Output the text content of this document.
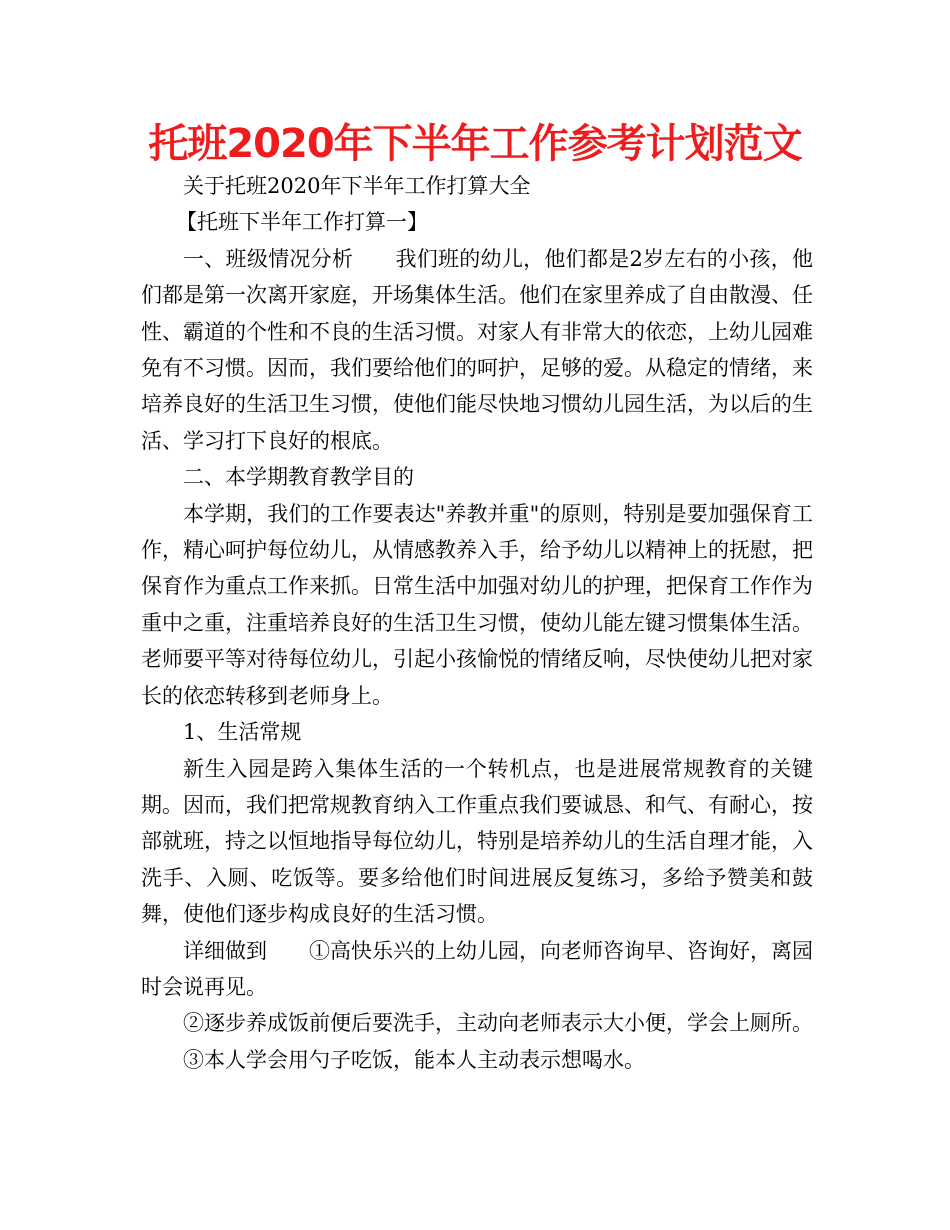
托班2020年下半年工作参考计划范文

关于托班2020年下半年工作打算大全

【托班下半年工作打算一】

一、班级情况分析 我们班的幼儿，他们都是2岁左右的小孩，他们都是第一次离开家庭，开场集体生活。他们在家里养成了自由散漫、任性、霸道的个性和不良的生活习惯。对家人有非常大的依恋，上幼儿园难免有不习惯。因而，我们要给他们的呵护，足够的爱。从稳定的情绪，来培养良好的生活卫生习惯，使他们能尽快地习惯幼儿园生活，为以后的生活、学习打下良好的根底。

二、本学期教育教学目的

本学期，我们的工作要表达"养教并重"的原则，特别是要加强保育工作，精心呵护每位幼儿，从情感教养入手，给予幼儿以精神上的抚慰，把保育作为重点工作来抓。日常生活中加强对幼儿的护理，把保育工作作为重中之重，注重培养良好的生活卫生习惯，使幼儿能左键习惯集体生活。老师要平等对待每位幼儿，引起小孩愉悦的情绪反响，尽快使幼儿把对家长的依恋转移到老师身上。

1、生活常规

新生入园是跨入集体生活的一个转机点，也是进展常规教育的关键期。因而，我们把常规教育纳入工作重点我们要诚恳、和气、有耐心，按部就班，持之以恒地指导每位幼儿，特别是培养幼儿的生活自理才能，入洗手、入厕、吃饭等。要多给他们时间进展反复练习，多给予赞美和鼓舞，使他们逐步构成良好的生活习惯。

详细做到 ①高快乐兴的上幼儿园，向老师咨询早、咨询好，离园时会说再见。

②逐步养成饭前便后要洗手，主动向老师表示大小便，学会上厕所。

③本人学会用勺子吃饭，能本人主动表示想喝水。
